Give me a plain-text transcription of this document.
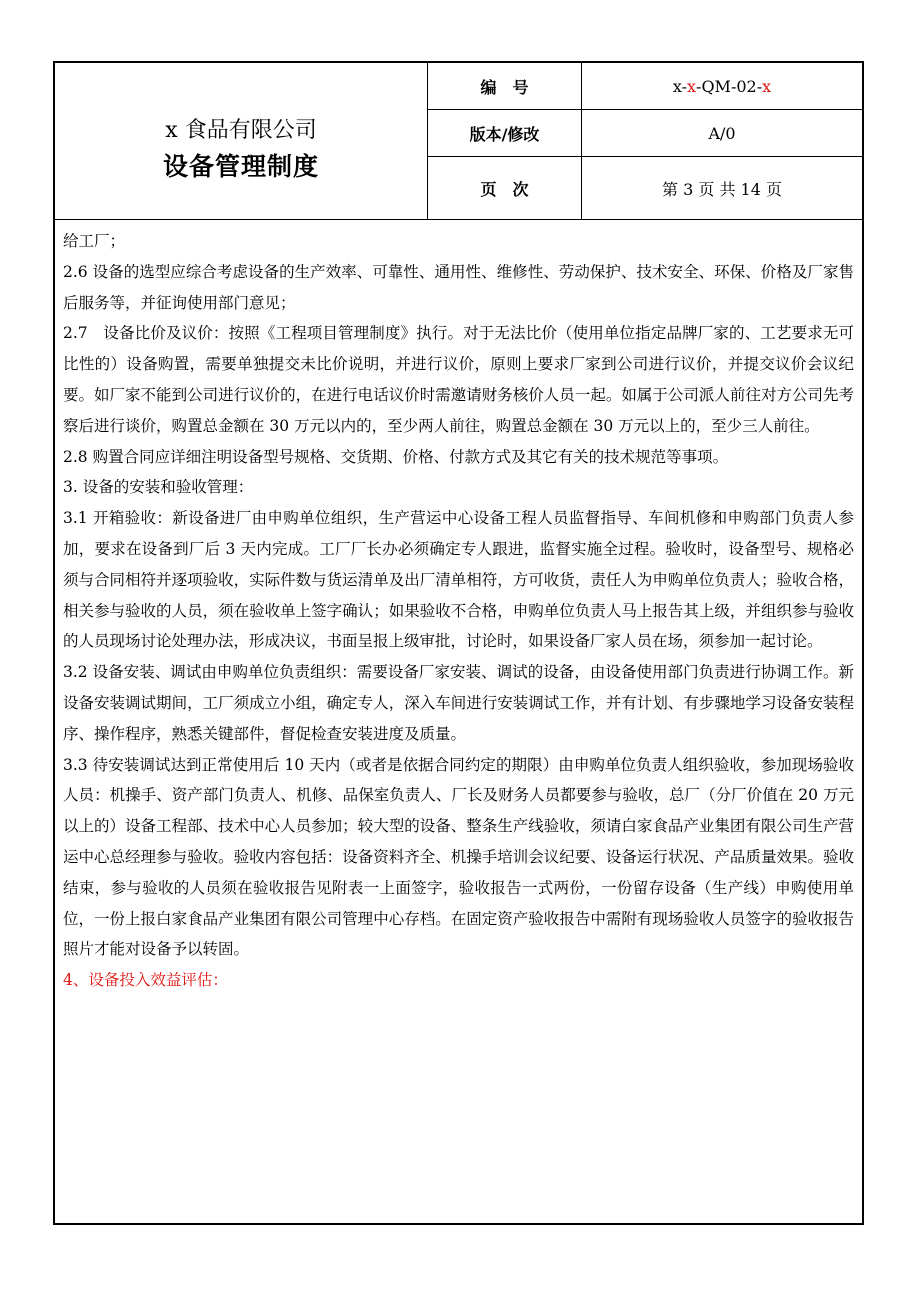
x 食品有限公司
设备管理制度
编　号	x- x -QM-02- x
版本/修改	A/0
页　次	第 3 页 共 14 页

给工厂；

2.6 设备的选型应综合考虑设备的生产效率、可靠性、通用性、维修性、劳动保护、技术安全、环保、价格及厂家售后服务等，并征询使用部门意见；

2.7　设备比价及议价：按照《工程项目管理制度》执行。对于无法比价（使用单位指定品牌厂家的、工艺要求无可比性的）设备购置，需要单独提交未比价说明，并进行议价，原则上要求厂家到公司进行议价，并提交议价会议纪要。如厂家不能到公司进行议价的，在进行电话议价时需邀请财务核价人员一起。如属于公司派人前往对方公司先考察后进行谈价，购置总金额在 30 万元以内的，至少两人前往，购置总金额在 30 万元以上的，至少三人前往。

2.8 购置合同应详细注明设备型号规格、交货期、价格、付款方式及其它有关的技术规范等事项。

3. 设备的安装和验收管理：

3.1 开箱验收：新设备进厂由申购单位组织，生产营运中心设备工程人员监督指导、车间机修和申购部门负责人参加，要求在设备到厂后 3 天内完成。工厂厂长办必须确定专人跟进，监督实施全过程。验收时，设备型号、规格必须与合同相符并逐项验收，实际件数与货运清单及出厂清单相符，方可收货，责任人为申购单位负责人；验收合格，相关参与验收的人员，须在验收单上签字确认；如果验收不合格，申购单位负责人马上报告其上级，并组织参与验收的人员现场讨论处理办法，形成决议，书面呈报上级审批，讨论时，如果设备厂家人员在场，须参加一起讨论。

3.2 设备安装、调试由申购单位负责组织：需要设备厂家安装、调试的设备，由设备使用部门负责进行协调工作。新设备安装调试期间，工厂须成立小组，确定专人，深入车间进行安装调试工作，并有计划、有步骤地学习设备安装程序、操作程序，熟悉关键部件，督促检查安装进度及质量。

3.3 待安装调试达到正常使用后 10 天内（或者是依据合同约定的期限）由申购单位负责人组织验收，参加现场验收人员：机操手、资产部门负责人、机修、品保室负责人、厂长及财务人员都要参与验收，总厂（分厂价值在 20 万元以上的）设备工程部、技术中心人员参加；较大型的设备、整条生产线验收，须请白家食品产业集团有限公司生产营运中心总经理参与验收。验收内容包括：设备资料齐全、机操手培训会议纪要、设备运行状况、产品质量效果。验收结束，参与验收的人员须在验收报告见附表一上面签字，验收报告一式两份，一份留存设备（生产线）申购使用单位，一份上报白家食品产业集团有限公司管理中心存档。在固定资产验收报告中需附有现场验收人员签字的验收报告照片才能对设备予以转固。

4、设备投入效益评估：
